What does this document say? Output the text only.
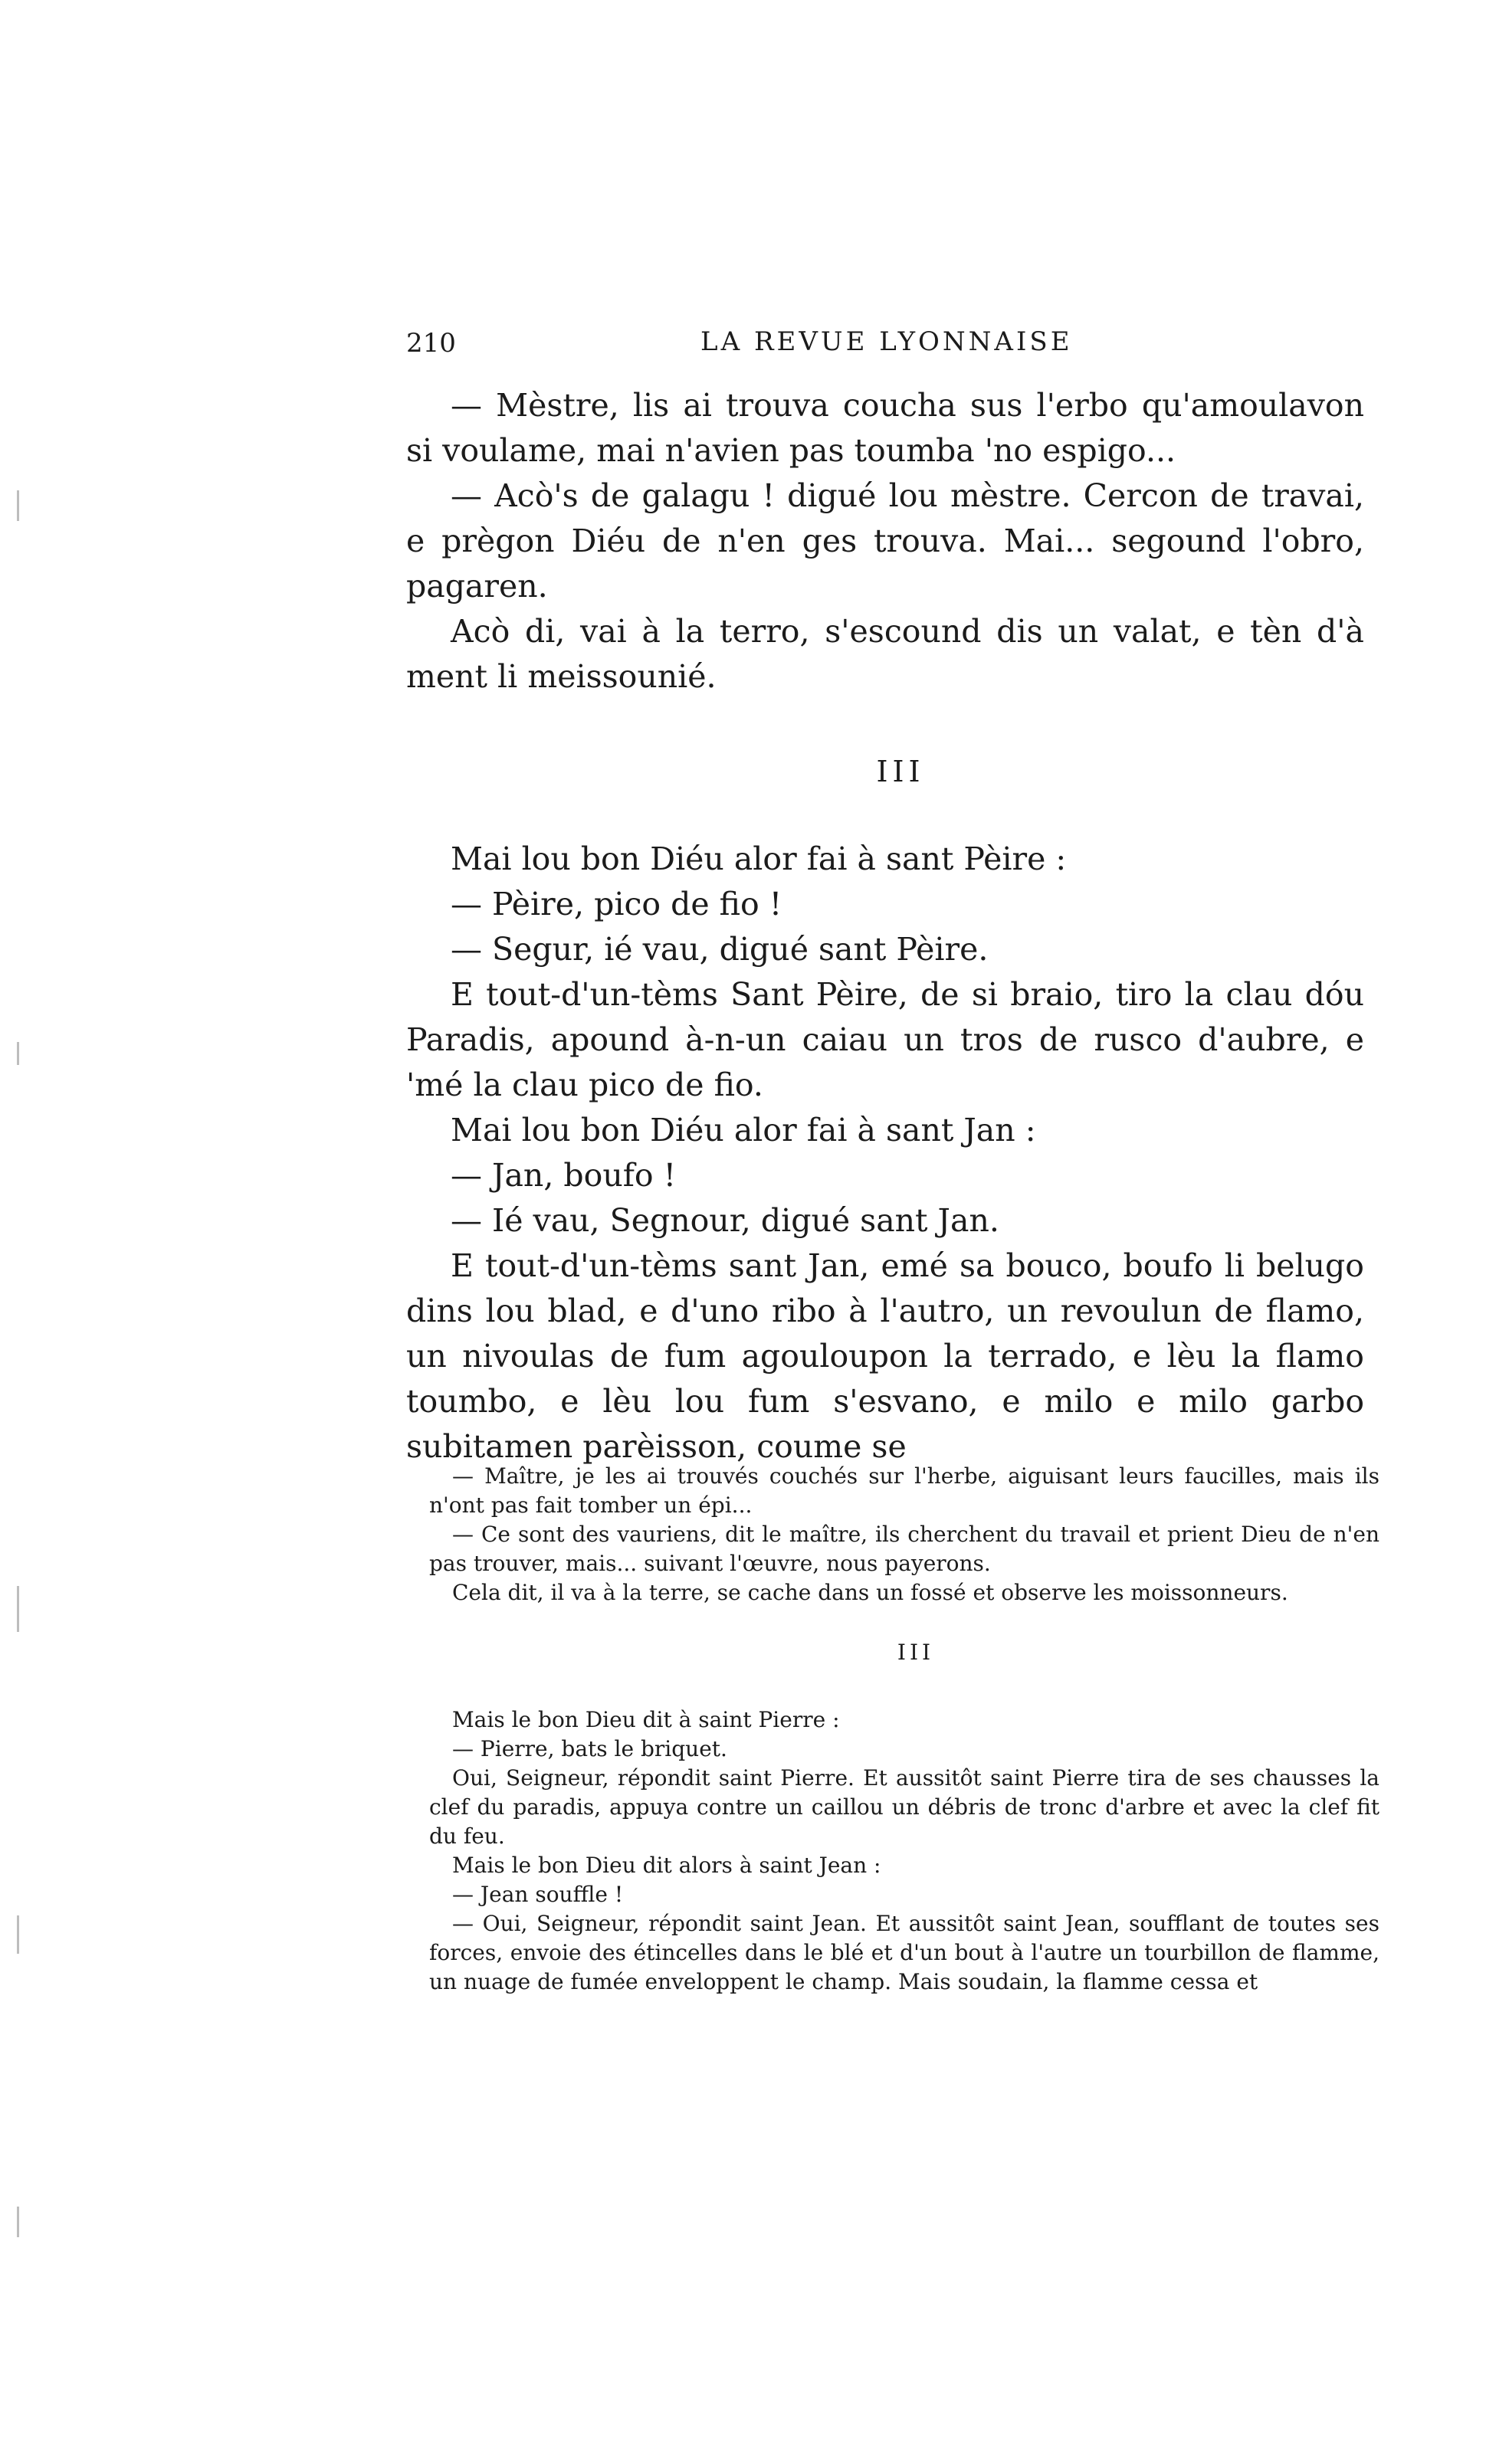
210	LA REVUE LYONNAISE

— Mèstre, lis ai trouva coucha sus l'erbo qu'amoulavon si voulame, mai n'avien pas toumba 'no espigo...

— Acò's de galagu ! digué lou mèstre. Cercon de travai, e prègon Diéu de n'en ges trouva. Mai... segound l'obro, pagaren.

Acò di, vai à la terro, s'escound dis un valat, e tèn d'à ment li meissounié.

III

Mai lou bon Diéu alor fai à sant Pèire :

— Pèire, pico de fio !

— Segur, ié vau, digué sant Pèire.

E tout-d'un-tèms Sant Pèire, de si braio, tiro la clau dóu Paradis, apound à-n-un caiau un tros de rusco d'aubre, e 'mé la clau pico de fio.

Mai lou bon Diéu alor fai à sant Jan :

— Jan, boufo !

— Ié vau, Segnour, digué sant Jan.

E tout-d'un-tèms sant Jan, emé sa bouco, boufo li belugo dins lou blad, e d'uno ribo à l'autro, un revoulun de flamo, un nivoulas de fum agouloupon la terrado, e lèu la flamo toumbo, e lèu lou fum s'esvano, e milo e milo garbo subitamen parèisson, coume se

— Maître, je les ai trouvés couchés sur l'herbe, aiguisant leurs faucilles, mais ils n'ont pas fait tomber un épi...

— Ce sont des vauriens, dit le maître, ils cherchent du travail et prient Dieu de n'en pas trouver, mais... suivant l'œuvre, nous payerons.

Cela dit, il va à la terre, se cache dans un fossé et observe les moissonneurs.

III

Mais le bon Dieu dit à saint Pierre :

— Pierre, bats le briquet.

Oui, Seigneur, répondit saint Pierre. Et aussitôt saint Pierre tira de ses chausses la clef du paradis, appuya contre un caillou un débris de tronc d'arbre et avec la clef fit du feu.

Mais le bon Dieu dit alors à saint Jean :

— Jean souffle !

— Oui, Seigneur, répondit saint Jean. Et aussitôt saint Jean, soufflant de toutes ses forces, envoie des étincelles dans le blé et d'un bout à l'autre un tourbillon de flamme, un nuage de fumée enveloppent le champ. Mais soudain, la flamme cessa et
